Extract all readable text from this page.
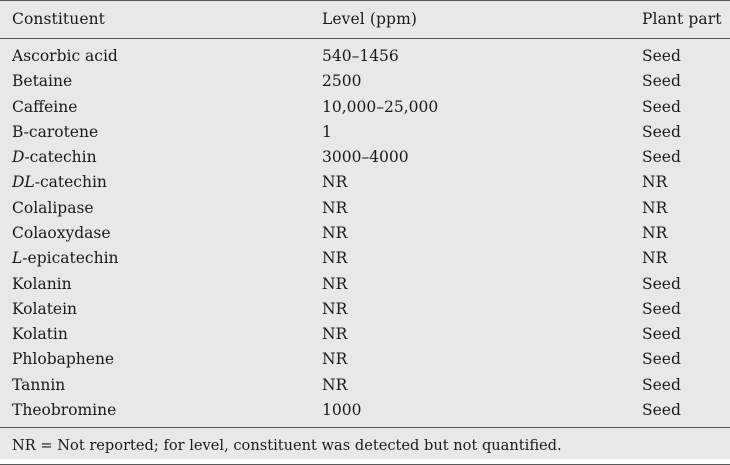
Constituent	Level (ppm)	Plant part
Ascorbic acid	540–1456	Seed
Betaine	2500	Seed
Caffeine	10,000–25,000	Seed
B-carotene	1	Seed
D-catechin	3000–4000	Seed
DL-catechin	NR	NR
Colalipase	NR	NR
Colaoxydase	NR	NR
L-epicatechin	NR	NR
Kolanin	NR	Seed
Kolatein	NR	Seed
Kolatin	NR	Seed
Phlobaphene	NR	Seed
Tannin	NR	Seed
Theobromine	1000	Seed
NR = Not reported; for level, constituent was detected but not quantified.		
